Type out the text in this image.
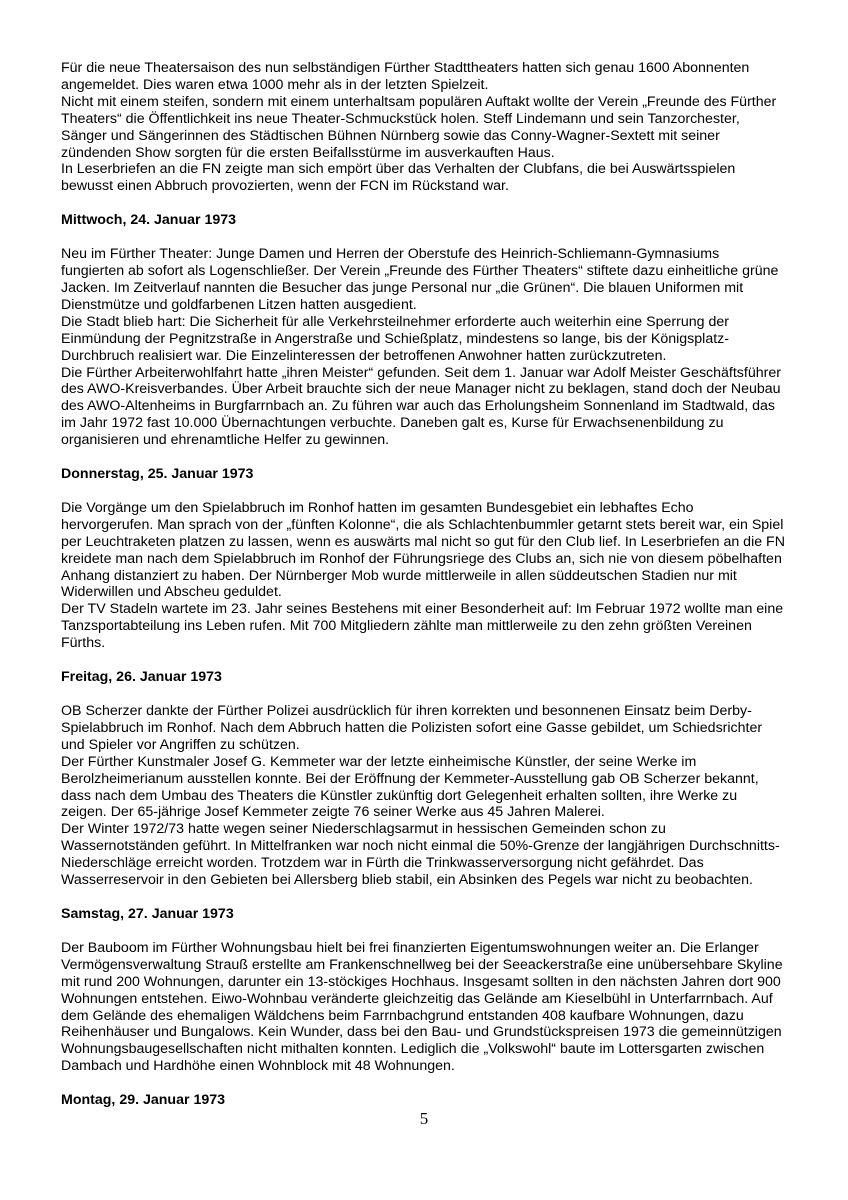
Für die neue Theatersaison des nun selbständigen Fürther Stadttheaters hatten sich genau 1600 Abonnenten
angemeldet. Dies waren etwa 1000 mehr als in der letzten Spielzeit.
Nicht mit einem steifen, sondern mit einem unterhaltsam populären Auftakt wollte der Verein „Freunde des Fürther
Theaters“ die Öffentlichkeit ins neue Theater-Schmuckstück holen. Steff Lindemann und sein Tanzorchester,
Sänger und Sängerinnen des Städtischen Bühnen Nürnberg sowie das Conny-Wagner-Sextett mit seiner
zündenden Show sorgten für die ersten Beifallsstürme im ausverkauften Haus.
In Leserbriefen an die FN zeigte man sich empört über das Verhalten der Clubfans, die bei Auswärtsspielen
bewusst einen Abbruch provozierten, wenn der FCN im Rückstand war.
Mittwoch, 24. Januar 1973
Neu im Fürther Theater: Junge Damen und Herren der Oberstufe des Heinrich-Schliemann-Gymnasiums
fungierten ab sofort als Logenschließer. Der Verein „Freunde des Fürther Theaters“ stiftete dazu einheitliche grüne
Jacken. Im Zeitverlauf nannten die Besucher das junge Personal nur „die Grünen“. Die blauen Uniformen mit
Dienstmütze und goldfarbenen Litzen hatten ausgedient.
Die Stadt blieb hart: Die Sicherheit für alle Verkehrsteilnehmer erforderte auch weiterhin eine Sperrung der
Einmündung der Pegnitzstraße in Angerstraße und Schießplatz, mindestens so lange, bis der Königsplatz-
Durchbruch realisiert war. Die Einzelinteressen der betroffenen Anwohner hatten zurückzutreten.
Die Fürther Arbeiterwohlfahrt hatte „ihren Meister“ gefunden. Seit dem 1. Januar war Adolf Meister Geschäftsführer
des AWO-Kreisverbandes. Über Arbeit brauchte sich der neue Manager nicht zu beklagen, stand doch der Neubau
des AWO-Altenheims in Burgfarrnbach an. Zu führen war auch das Erholungsheim Sonnenland im Stadtwald, das
im Jahr 1972 fast 10.000 Übernachtungen verbuchte. Daneben galt es, Kurse für Erwachsenenbildung zu
organisieren und ehrenamtliche Helfer zu gewinnen.
Donnerstag, 25. Januar 1973
Die Vorgänge um den Spielabbruch im Ronhof hatten im gesamten Bundesgebiet ein lebhaftes Echo
hervorgerufen. Man sprach von der „fünften Kolonne“, die als Schlachtenbummler getarnt stets bereit war, ein Spiel
per Leuchtraketen platzen zu lassen, wenn es auswärts mal nicht so gut für den Club lief. In Leserbriefen an die FN
kreidete man nach dem Spielabbruch im Ronhof der Führungsriege des Clubs an, sich nie von diesem pöbelhaften
Anhang distanziert zu haben. Der Nürnberger Mob wurde mittlerweile in allen süddeutschen Stadien nur mit
Widerwillen und Abscheu geduldet.
Der TV Stadeln wartete im 23. Jahr seines Bestehens mit einer Besonderheit auf: Im Februar 1972 wollte man eine
Tanzsportabteilung ins Leben rufen. Mit 700 Mitgliedern zählte man mittlerweile zu den zehn größten Vereinen
Fürths.
Freitag, 26. Januar 1973
OB Scherzer dankte der Fürther Polizei ausdrücklich für ihren korrekten und besonnenen Einsatz beim Derby-
Spielabbruch im Ronhof. Nach dem Abbruch hatten die Polizisten sofort eine Gasse gebildet, um Schiedsrichter
und Spieler vor Angriffen zu schützen.
Der Fürther Kunstmaler Josef G. Kemmeter war der letzte einheimische Künstler, der seine Werke im
Berolzheimerianum ausstellen konnte. Bei der Eröffnung der Kemmeter-Ausstellung gab OB Scherzer bekannt,
dass nach dem Umbau des Theaters die Künstler zukünftig dort Gelegenheit erhalten sollten, ihre Werke zu
zeigen. Der 65-jährige Josef Kemmeter zeigte 76 seiner Werke aus 45 Jahren Malerei.
Der Winter 1972/73 hatte wegen seiner Niederschlagsarmut in hessischen Gemeinden schon zu
Wassernotständen geführt. In Mittelfranken war noch nicht einmal die 50%-Grenze der langjährigen Durchschnitts-
Niederschläge erreicht worden. Trotzdem war in Fürth die Trinkwasserversorgung nicht gefährdet. Das
Wasserreservoir in den Gebieten bei Allersberg blieb stabil, ein Absinken des Pegels war nicht zu beobachten.
Samstag, 27. Januar 1973
Der Bauboom im Fürther Wohnungsbau hielt bei frei finanzierten Eigentumswohnungen weiter an. Die Erlanger
Vermögensverwaltung Strauß erstellte am Frankenschnellweg bei der Seeackerstraße eine unübersehbare Skyline
mit rund 200 Wohnungen, darunter ein 13-stöckiges Hochhaus. Insgesamt sollten in den nächsten Jahren dort 900
Wohnungen entstehen. Eiwo-Wohnbau veränderte gleichzeitig das Gelände am Kieselbühl in Unterfarrnbach. Auf
dem Gelände des ehemaligen Wäldchens beim Farrnbachgrund entstanden 408 kaufbare Wohnungen, dazu
Reihenhäuser und Bungalows. Kein Wunder, dass bei den Bau- und Grundstückspreisen 1973 die gemeinnützigen
Wohnungsbaugesellschaften nicht mithalten konnten. Lediglich die „Volkswohl“ baute im Lottersgarten zwischen
Dambach und Hardhöhe einen Wohnblock mit 48 Wohnungen.
Montag, 29. Januar 1973
5
